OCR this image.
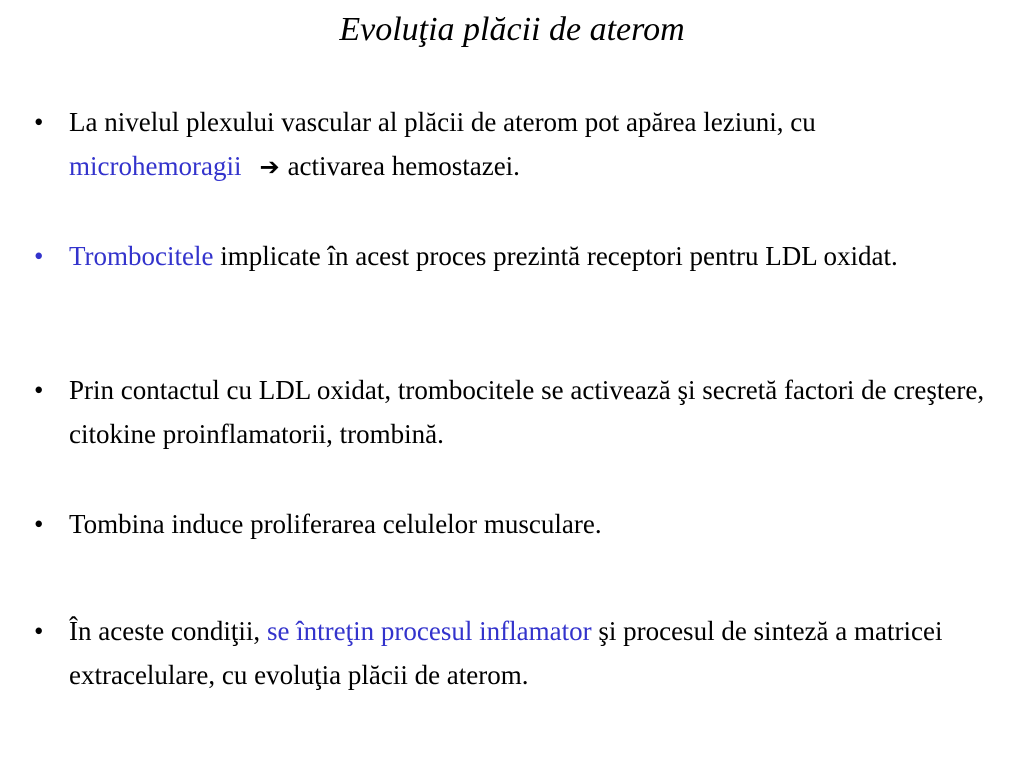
Evoluţia plăcii de aterom
• La nivelul plexului vascular al plăcii de aterom pot apărea leziuni, cu microhemoragii ➔ activarea hemostazei.
• Trombocitele implicate în acest proces prezintă receptori pentru LDL oxidat.
• Prin contactul cu LDL oxidat, trombocitele se activează şi secretă factori de creştere, citokine proinflamatorii, trombină.
• Tombina induce proliferarea celulelor musculare.
• În aceste condiţii, se întreţin procesul inflamator şi procesul de sinteză a matricei extracelulare, cu evoluţia plăcii de aterom.
